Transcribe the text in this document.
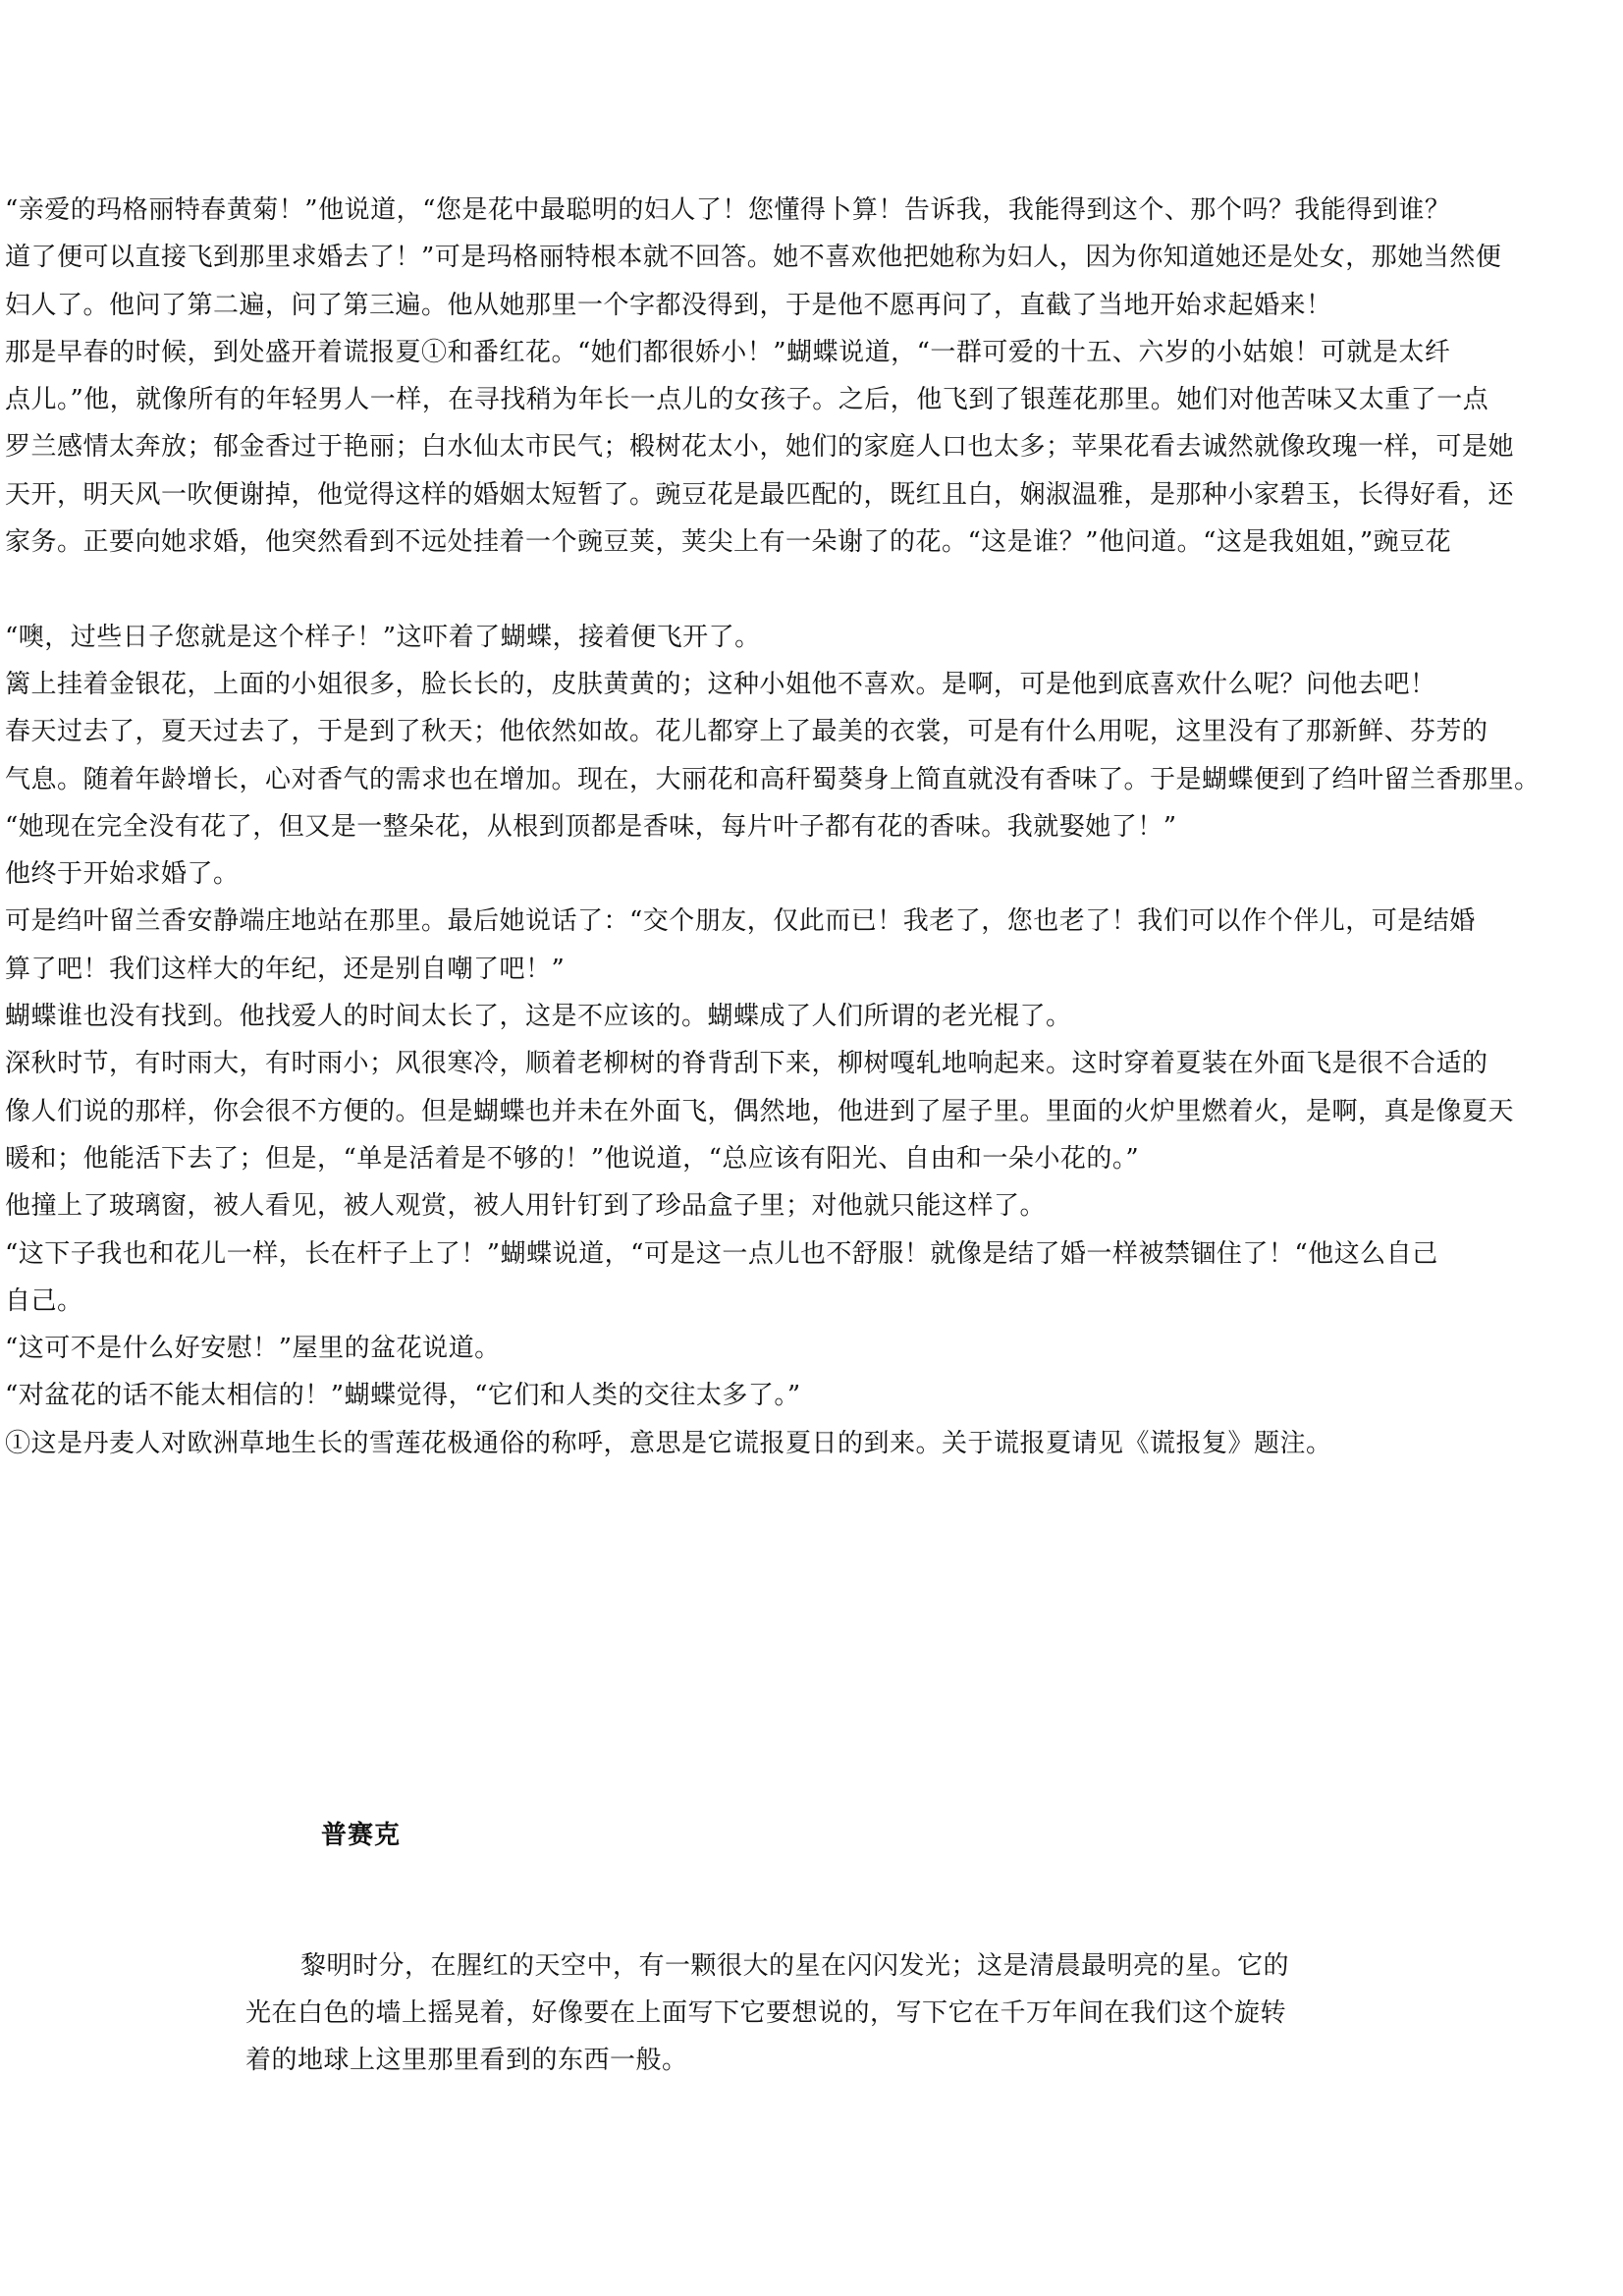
“亲爱的玛格丽特春黄菊！”他说道，“您是花中最聪明的妇人了！您懂得卜算！告诉我，我能得到这个、那个吗？我能得到谁？
道了便可以直接飞到那里求婚去了！”可是玛格丽特根本就不回答。她不喜欢他把她称为妇人，因为你知道她还是处女，那她当然便
妇人了。他问了第二遍，问了第三遍。他从她那里一个字都没得到，于是他不愿再问了，直截了当地开始求起婚来！
那是早春的时候，到处盛开着谎报夏①和番红花。“她们都很娇小！”蝴蝶说道，“一群可爱的十五、六岁的小姑娘！可就是太纤
点儿。”他，就像所有的年轻男人一样，在寻找稍为年长一点儿的女孩子。之后，他飞到了银莲花那里。她们对他苦味又太重了一点
罗兰感情太奔放；郁金香过于艳丽；白水仙太市民气；椴树花太小，她们的家庭人口也太多；苹果花看去诚然就像玫瑰一样，可是她
天开，明天风一吹便谢掉，他觉得这样的婚姻太短暂了。豌豆花是最匹配的，既红且白，娴淑温雅，是那种小家碧玉，长得好看，还
家务。正要向她求婚，他突然看到不远处挂着一个豌豆荚，荚尖上有一朵谢了的花。“这是谁？”他问道。“这是我姐姐，”豌豆花
“噢，过些日子您就是这个样子！”这吓着了蝴蝶，接着便飞开了。
篱上挂着金银花，上面的小姐很多，脸长长的，皮肤黄黄的；这种小姐他不喜欢。是啊，可是他到底喜欢什么呢？问他去吧！
春天过去了，夏天过去了，于是到了秋天；他依然如故。花儿都穿上了最美的衣裳，可是有什么用呢，这里没有了那新鲜、芬芳的
气息。随着年龄增长，心对香气的需求也在增加。现在，大丽花和高秆蜀葵身上简直就没有香味了。于是蝴蝶便到了绉叶留兰香那里。
“她现在完全没有花了，但又是一整朵花，从根到顶都是香味，每片叶子都有花的香味。我就娶她了！”
他终于开始求婚了。
可是绉叶留兰香安静端庄地站在那里。最后她说话了：“交个朋友，仅此而已！我老了，您也老了！我们可以作个伴儿，可是结婚
算了吧！我们这样大的年纪，还是别自嘲了吧！”
蝴蝶谁也没有找到。他找爱人的时间太长了，这是不应该的。蝴蝶成了人们所谓的老光棍了。
深秋时节，有时雨大，有时雨小；风很寒冷，顺着老柳树的脊背刮下来，柳树嘎轧地响起来。这时穿着夏装在外面飞是很不合适的
像人们说的那样，你会很不方便的。但是蝴蝶也并未在外面飞，偶然地，他进到了屋子里。里面的火炉里燃着火，是啊，真是像夏天
暖和；他能活下去了；但是，“单是活着是不够的！”他说道，“总应该有阳光、自由和一朵小花的。”
他撞上了玻璃窗，被人看见，被人观赏，被人用针钉到了珍品盒子里；对他就只能这样了。
“这下子我也和花儿一样，长在杆子上了！”蝴蝶说道，“可是这一点儿也不舒服！就像是结了婚一样被禁锢住了！“他这么自己
自己。
“这可不是什么好安慰！”屋里的盆花说道。
“对盆花的话不能太相信的！”蝴蝶觉得，“它们和人类的交往太多了。”
①这是丹麦人对欧洲草地生长的雪莲花极通俗的称呼，意思是它谎报夏日的到来。关于谎报夏请见《谎报复》题注。
普赛克
黎明时分，在腥红的天空中，有一颗很大的星在闪闪发光；这是清晨最明亮的星。它的
光在白色的墙上摇晃着，好像要在上面写下它要想说的，写下它在千万年间在我们这个旋转
着的地球上这里那里看到的东西一般。
